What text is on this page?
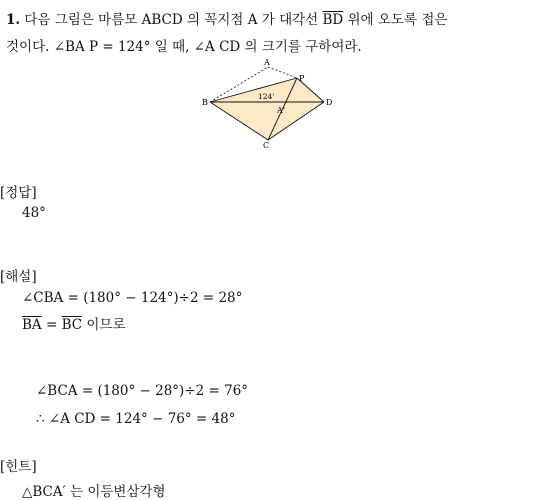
1. 다음 그림은 마름모 ABCD 의 꼭지점 A 가 대각선 $\overline{BD}$ 위에 오도록 접은
것이다. ∠BA P = 124° 일 때, ∠A CD 의 크기를 구하여라.
A
P
B	D
C
A'
124'
[정답]
48°
[해설]
∠CBA = (180° − 124°)÷2 = 28°
$\overline{BA} = \overline{BC}$ 이므로
∠BCA = (180° − 28°)÷2 = 76°
∴ ∠A CD = 124° − 76° = 48°
[힌트]
△BCA′ 는 이등변삼각형
